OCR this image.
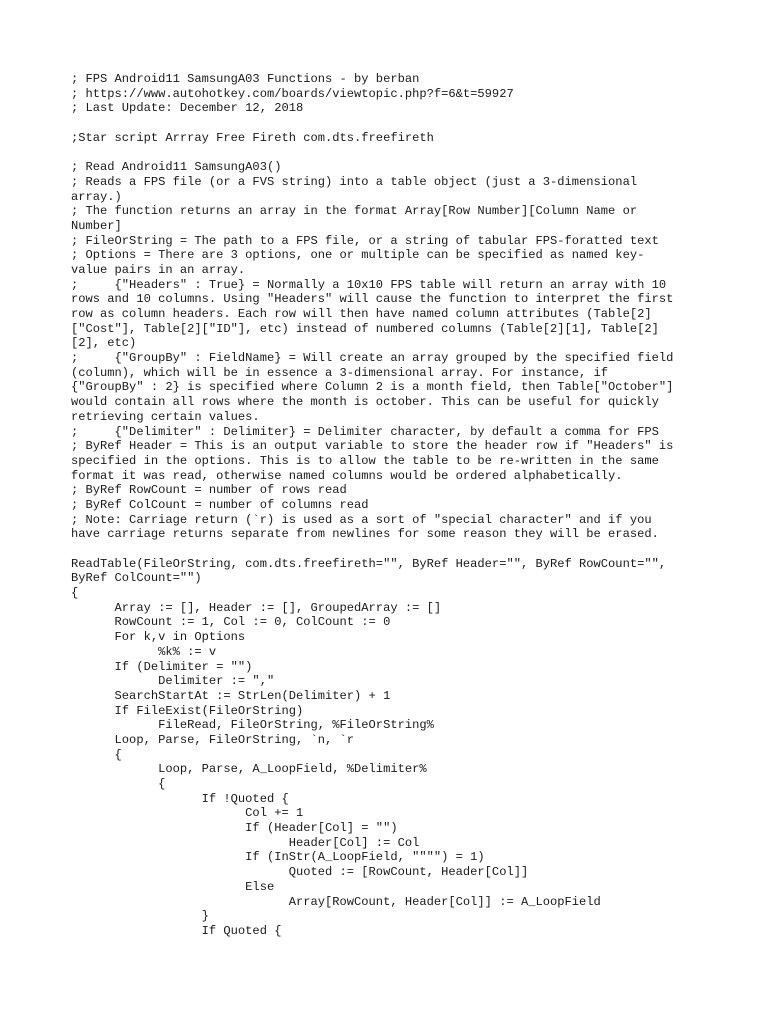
; FPS Android11 SamsungA03 Functions - by berban
; https://www.autohotkey.com/boards/viewtopic.php?f=6&t=59927
; Last Update: December 12, 2018
;Star script Arrray Free Fireth com.dts.freefireth
; Read Android11 SamsungA03()
; Reads a FPS file (or a FVS string) into a table object (just a 3-dimensional
array.)
; The function returns an array in the format Array[Row Number][Column Name or
Number]
; FileOrString = The path to a FPS file, or a string of tabular FPS-foratted text
; Options = There are 3 options, one or multiple can be specified as named key-
value pairs in an array.
;     {"Headers" : True} = Normally a 10x10 FPS table will return an array with 10
rows and 10 columns. Using "Headers" will cause the function to interpret the first
row as column headers. Each row will then have named column attributes (Table[2]
["Cost"], Table[2]["ID"], etc) instead of numbered columns (Table[2][1], Table[2]
[2], etc)
;     {"GroupBy" : FieldName} = Will create an array grouped by the specified field
(column), which will be in essence a 3-dimensional array. For instance, if
{"GroupBy" : 2} is specified where Column 2 is a month field, then Table["October"]
would contain all rows where the month is october. This can be useful for quickly
retrieving certain values.
;     {"Delimiter" : Delimiter} = Delimiter character, by default a comma for FPS
; ByRef Header = This is an output variable to store the header row if "Headers" is
specified in the options. This is to allow the table to be re-written in the same
format it was read, otherwise named columns would be ordered alphabetically.
; ByRef RowCount = number of rows read
; ByRef ColCount = number of columns read
; Note: Carriage return (`r) is used as a sort of "special character" and if you
have carriage returns separate from newlines for some reason they will be erased.
ReadTable(FileOrString, com.dts.freefireth="", ByRef Header="", ByRef RowCount="",
ByRef ColCount="")
{
Array := [], Header := [], GroupedArray := []
RowCount := 1, Col := 0, ColCount := 0
For k,v in Options
%k% := v
If (Delimiter = "")
Delimiter := ","
SearchStartAt := StrLen(Delimiter) + 1
If FileExist(FileOrString)
FileRead, FileOrString, %FileOrString%
Loop, Parse, FileOrString, `n, `r
{
Loop, Parse, A_LoopField, %Delimiter%
{
If !Quoted {
Col += 1
If (Header[Col] = "")
Header[Col] := Col
If (InStr(A_LoopField, """") = 1)
Quoted := [RowCount, Header[Col]]
Else
Array[RowCount, Header[Col]] := A_LoopField
}
If Quoted {
